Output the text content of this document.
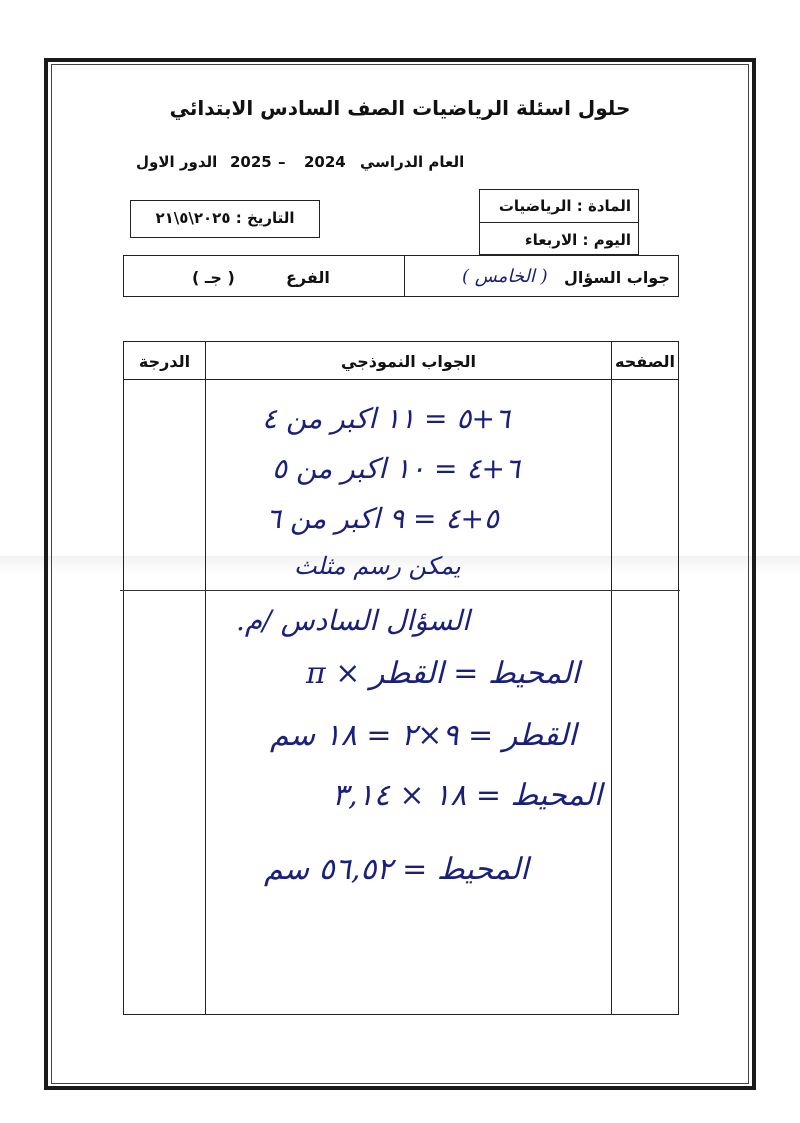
حلول اسئلة الرياضيات الصف السادس الابتدائي
العام الدراسي
2024
–
2025
الدور الاول
المادة : الرياضيات
اليوم : الاربعاء
التاريخ : ٢٠٢٥\٥\٢١
جواب السؤال
( الخامس )
الفرع
( جـ )
الصفحه
الجواب النموذجي
الدرجة
٦+٥ = ١١ اكبر من ٤
٦+٤ = ١٠ اكبر من ٥
٥+٤ = ٩ اكبر من ٦
يمكن رسم مثلث
السؤال السادس /م.
المحيط = القطر × π
القطر = ٩×٢ = ١٨ سم
المحيط = ١٨ × ٣,١٤
المحيط = ٥٦,٥٢ سم
